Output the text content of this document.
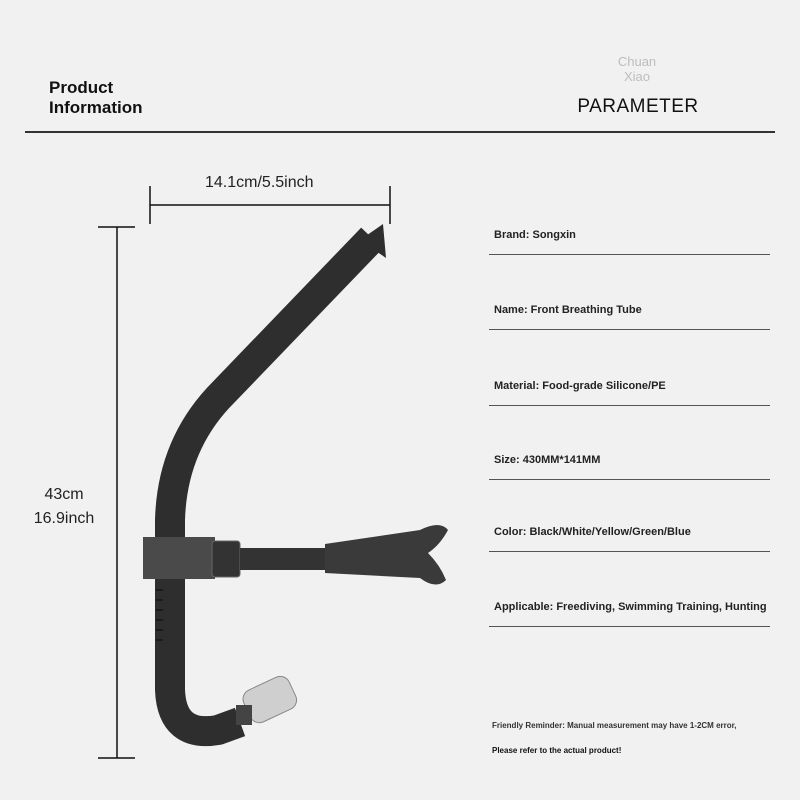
Product
Information
Chuan
Xiao
PARAMETER
14.1cm/5.5inch
43cm
16.9inch
Brand: Songxin
Name: Front Breathing Tube
Material: Food-grade Silicone/PE
Size: 430MM*141MM
Color: Black/White/Yellow/Green/Blue
Applicable: Freediving, Swimming Training, Hunting
Friendly Reminder: Manual measurement may have 1-2CM error,
Please refer to the actual product!
